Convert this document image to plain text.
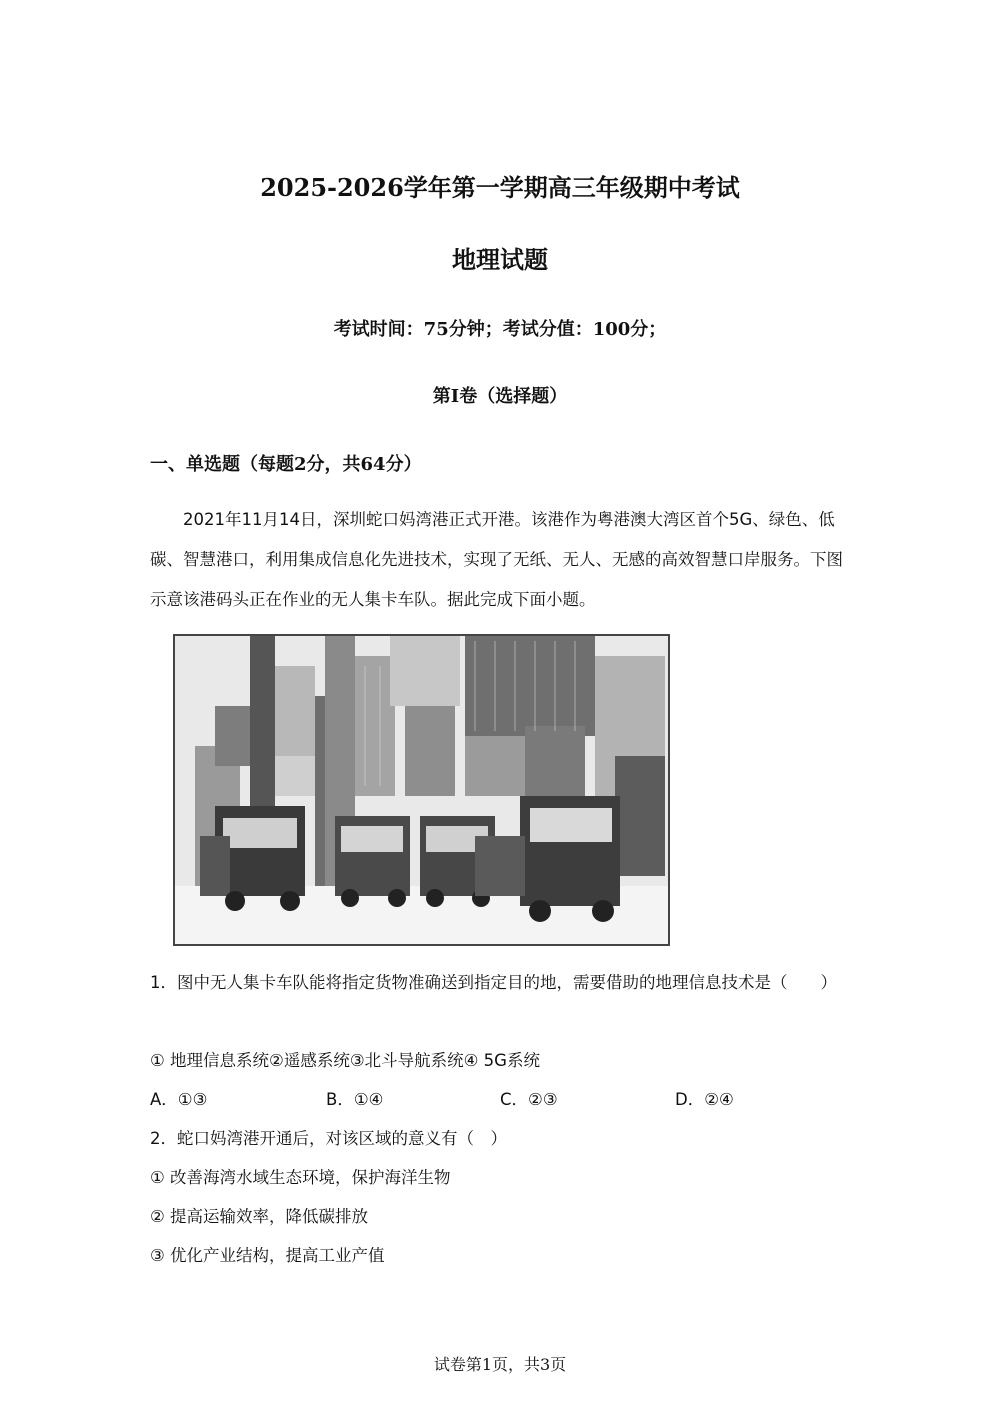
2025-2026学年第一学期高三年级期中考试
地理试题
考试时间：75分钟；考试分值：100分；
第I卷（选择题）
一、单选题（每题2分，共64分）

2021年11月14日，深圳蛇口妈湾港正式开港。该港作为粤港澳大湾区首个5G、绿色、低碳、智慧港口，利用集成信息化先进技术，实现了无纸、无人、无感的高效智慧口岸服务。下图示意该港码头正在作业的无人集卡车队。据此完成下面小题。

1．图中无人集卡车队能将指定货物准确送到指定目的地，需要借助的地理信息技术是（　　）

① 地理信息系统②遥感系统③北斗导航系统④ 5G系统

A．①③	B．①④	C．②③	D．②④

2．蛇口妈湾港开通后，对该区域的意义有（　）

① 改善海湾水域生态环境，保护海洋生物

② 提高运输效率，降低碳排放

③ 优化产业结构，提高工业产值

试卷第1页，共3页
